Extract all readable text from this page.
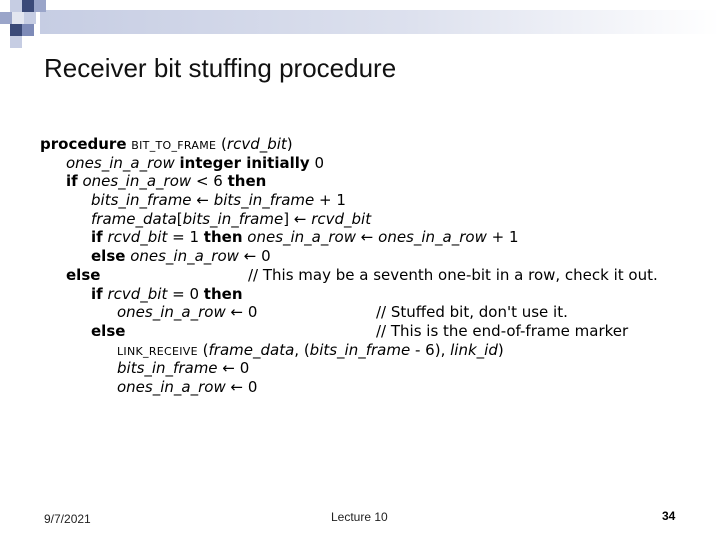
Receiver bit stuffing procedure
procedure BIT_TO_FRAME (rcvd_bit)
ones_in_a_row integer initially 0
if ones_in_a_row < 6 then
bits_in_frame ← bits_in_frame + 1
frame_data[bits_in_frame] ← rcvd_bit
if rcvd_bit = 1 then ones_in_a_row ← ones_in_a_row + 1
else ones_in_a_row ← 0
else	// This may be a seventh one-bit in a row, check it out.
if rcvd_bit = 0 then
ones_in_a_row ← 0	// Stuffed bit, don't use it.
else	// This is the end-of-frame marker
LINK_RECEIVE (frame_data, (bits_in_frame - 6), link_id)
bits_in_frame ← 0
ones_in_a_row ← 0
9/7/2021	Lecture 10	34
